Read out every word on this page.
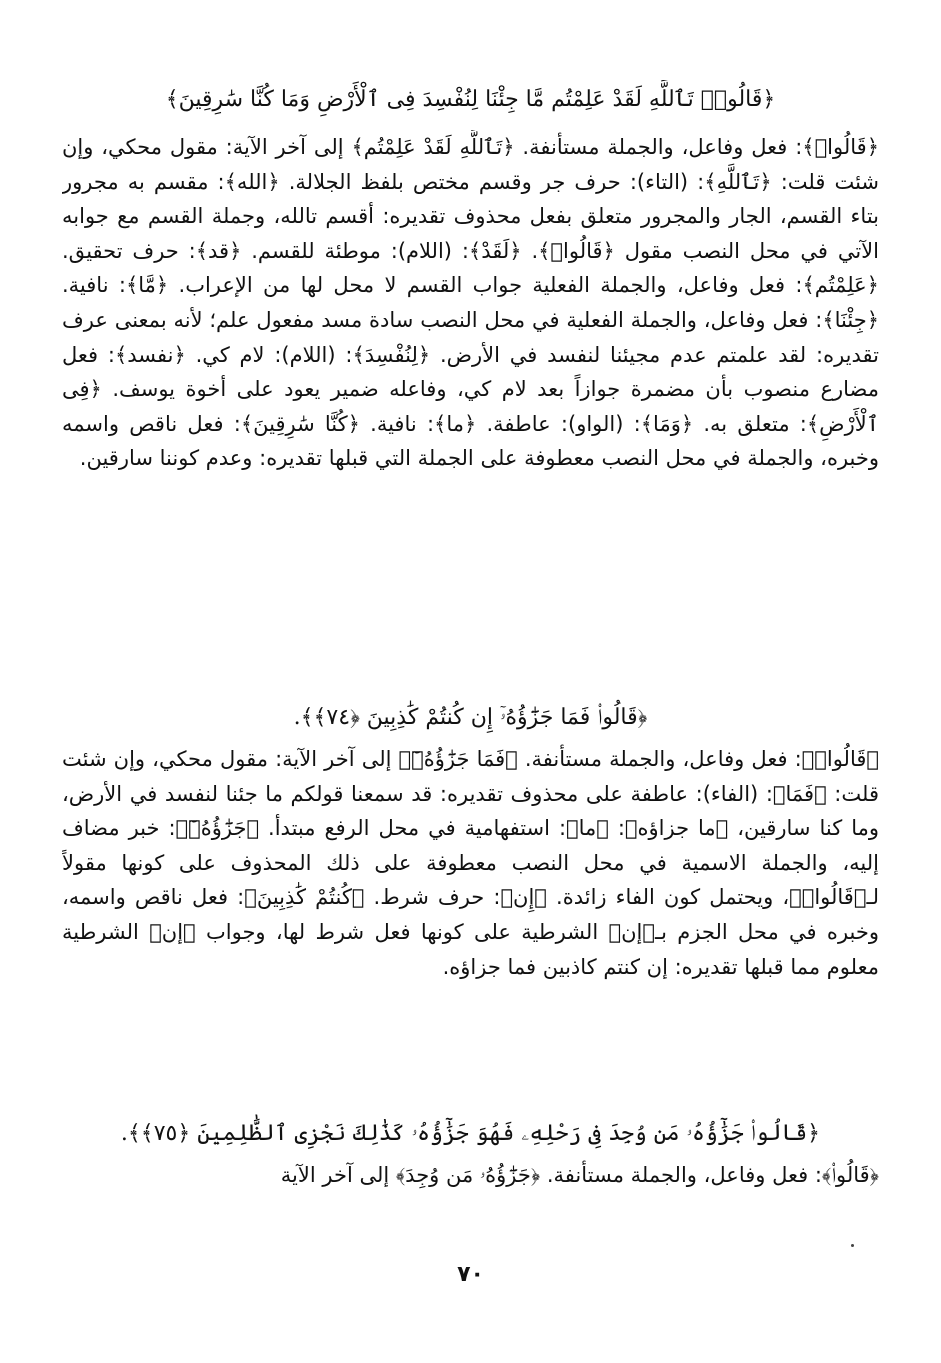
﴿قَالُوا۟ تَٱللَّهِ لَقَدْ عَلِمْتُم مَّا جِئْنَا لِنُفْسِدَ فِى ٱلْأَرْضِ وَمَا كُنَّا سَٰرِقِينَ﴾

﴿قَالُوا۟﴾: فعل وفاعل، والجملة مستأنفة. ﴿تَٱللَّهِ لَقَدْ عَلِمْتُم﴾ إلى آخر الآية: مقول محكي، وإن شئت قلت: ﴿تَٱللَّهِ﴾: (التاء): حرف جر وقسم مختص بلفظ الجلالة. ﴿الله﴾: مقسم به مجرور بتاء القسم، الجار والمجرور متعلق بفعل محذوف تقديره: أقسم تالله، وجملة القسم مع جوابه الآتي في محل النصب مقول ﴿قَالُوا۟﴾. ﴿لَقَدْ﴾: (اللام): موطئة للقسم. ﴿قد﴾: حرف تحقيق. ﴿عَلِمْتُم﴾: فعل وفاعل، والجملة الفعلية جواب القسم لا محل لها من الإعراب. ﴿مَّا﴾: نافية. ﴿جِئْنَا﴾: فعل وفاعل، والجملة الفعلية في محل النصب سادة مسد مفعول علم؛ لأنه بمعنى عرف تقديره: لقد علمتم عدم مجيئنا لنفسد في الأرض. ﴿لِنُفْسِدَ﴾: (اللام): لام كي. ﴿نفسد﴾: فعل مضارع منصوب بأن مضمرة جوازاً بعد لام كي، وفاعله ضمير يعود على أخوة يوسف. ﴿فِى ٱلْأَرْضِ﴾: متعلق به. ﴿وَمَا﴾: (الواو): عاطفة. ﴿ما﴾: نافية. ﴿كُنَّا سَٰرِقِينَ﴾: فعل ناقص واسمه وخبره، والجملة في محل النصب معطوفة على الجملة التي قبلها تقديره: وعدم كوننا سارقين.

﴿قَالُوا۟ فَمَا جَزَٰٓؤُهُۥٓ إِن كُنتُمْ كَٰذِبِينَ ﴿٧٤﴾﴾.

﴿قَالُوا۟﴾: فعل وفاعل، والجملة مستأنفة. ﴿فَمَا جَزَٰٓؤُهُۥٓ﴾ إلى آخر الآية: مقول محكي، وإن شئت قلت: ﴿فَمَا﴾: (الفاء): عاطفة على محذوف تقديره: قد سمعنا قولكم ما جئنا لنفسد في الأرض، وما كنا سارقين، ﴿ما جزاؤه﴾: ﴿ما﴾: استفهامية في محل الرفع مبتدأ. ﴿جَزَٰٓؤُهُۥٓ﴾: خبر مضاف إليه، والجملة الاسمية في محل النصب معطوفة على ذلك المحذوف على كونها مقولاً لـ﴿قَالُوا۟﴾، ويحتمل كون الفاء زائدة. ﴿إِن﴾: حرف شرط. ﴿كُنتُمْ كَٰذِبِينَ﴾: فعل ناقص واسمه، وخبره في محل الجزم بـ﴿إن﴾ الشرطية على كونها فعل شرط لها، وجواب ﴿إن﴾ الشرطية معلوم مما قبلها تقديره: إن كنتم كاذبين فما جزاؤه.

﴿قَالُوا۟ جَزَٰٓؤُهُۥ مَن وُجِدَ فِى رَحْلِهِۦ فَهُوَ جَزَٰٓؤُهُۥ كَذَٰلِكَ نَجْزِى ٱلظَّٰلِمِينَ ﴿٧٥﴾﴾.

﴿قَالُوا۟﴾: فعل وفاعل، والجملة مستأنفة. ﴿جَزَٰٓؤُهُۥ مَن وُجِدَ﴾ إلى آخر الآية

٧٠
